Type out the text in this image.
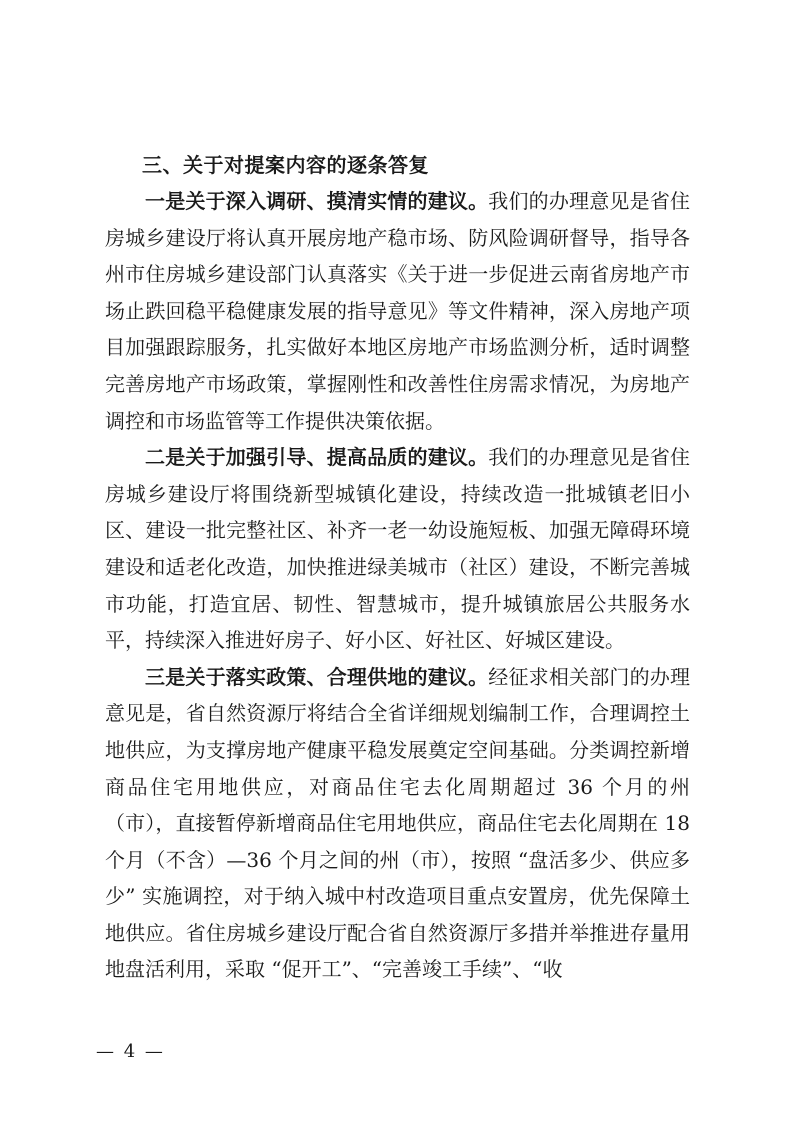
三、关于对提案内容的逐条答复

一是关于深入调研、摸清实情的建议。我们的办理意见是省住房城乡建设厅将认真开展房地产稳市场、防风险调研督导，指导各州市住房城乡建设部门认真落实《关于进一步促进云南省房地产市场止跌回稳平稳健康发展的指导意见》等文件精神，深入房地产项目加强跟踪服务，扎实做好本地区房地产市场监测分析，适时调整完善房地产市场政策，掌握刚性和改善性住房需求情况，为房地产调控和市场监管等工作提供决策依据。

二是关于加强引导、提高品质的建议。我们的办理意见是省住房城乡建设厅将围绕新型城镇化建设，持续改造一批城镇老旧小区、建设一批完整社区、补齐一老一幼设施短板、加强无障碍环境建设和适老化改造，加快推进绿美城市（社区）建设，不断完善城市功能，打造宜居、韧性、智慧城市，提升城镇旅居公共服务水平，持续深入推进好房子、好小区、好社区、好城区建设。

三是关于落实政策、合理供地的建议。经征求相关部门的办理意见是，省自然资源厅将结合全省详细规划编制工作，合理调控土地供应，为支撑房地产健康平稳发展奠定空间基础。分类调控新增商品住宅用地供应，对商品住宅去化周期超过 36 个月的州（市），直接暂停新增商品住宅用地供应，商品住宅去化周期在 18 个月（不含）—36 个月之间的州（市），按照 “盘活多少、供应多少” 实施调控，对于纳入城中村改造项目重点安置房，优先保障土地供应。省住房城乡建设厅配合省自然资源厅多措并举推进存量用地盘活利用，采取 “促开工”、“完善竣工手续”、“收

— 4 —
